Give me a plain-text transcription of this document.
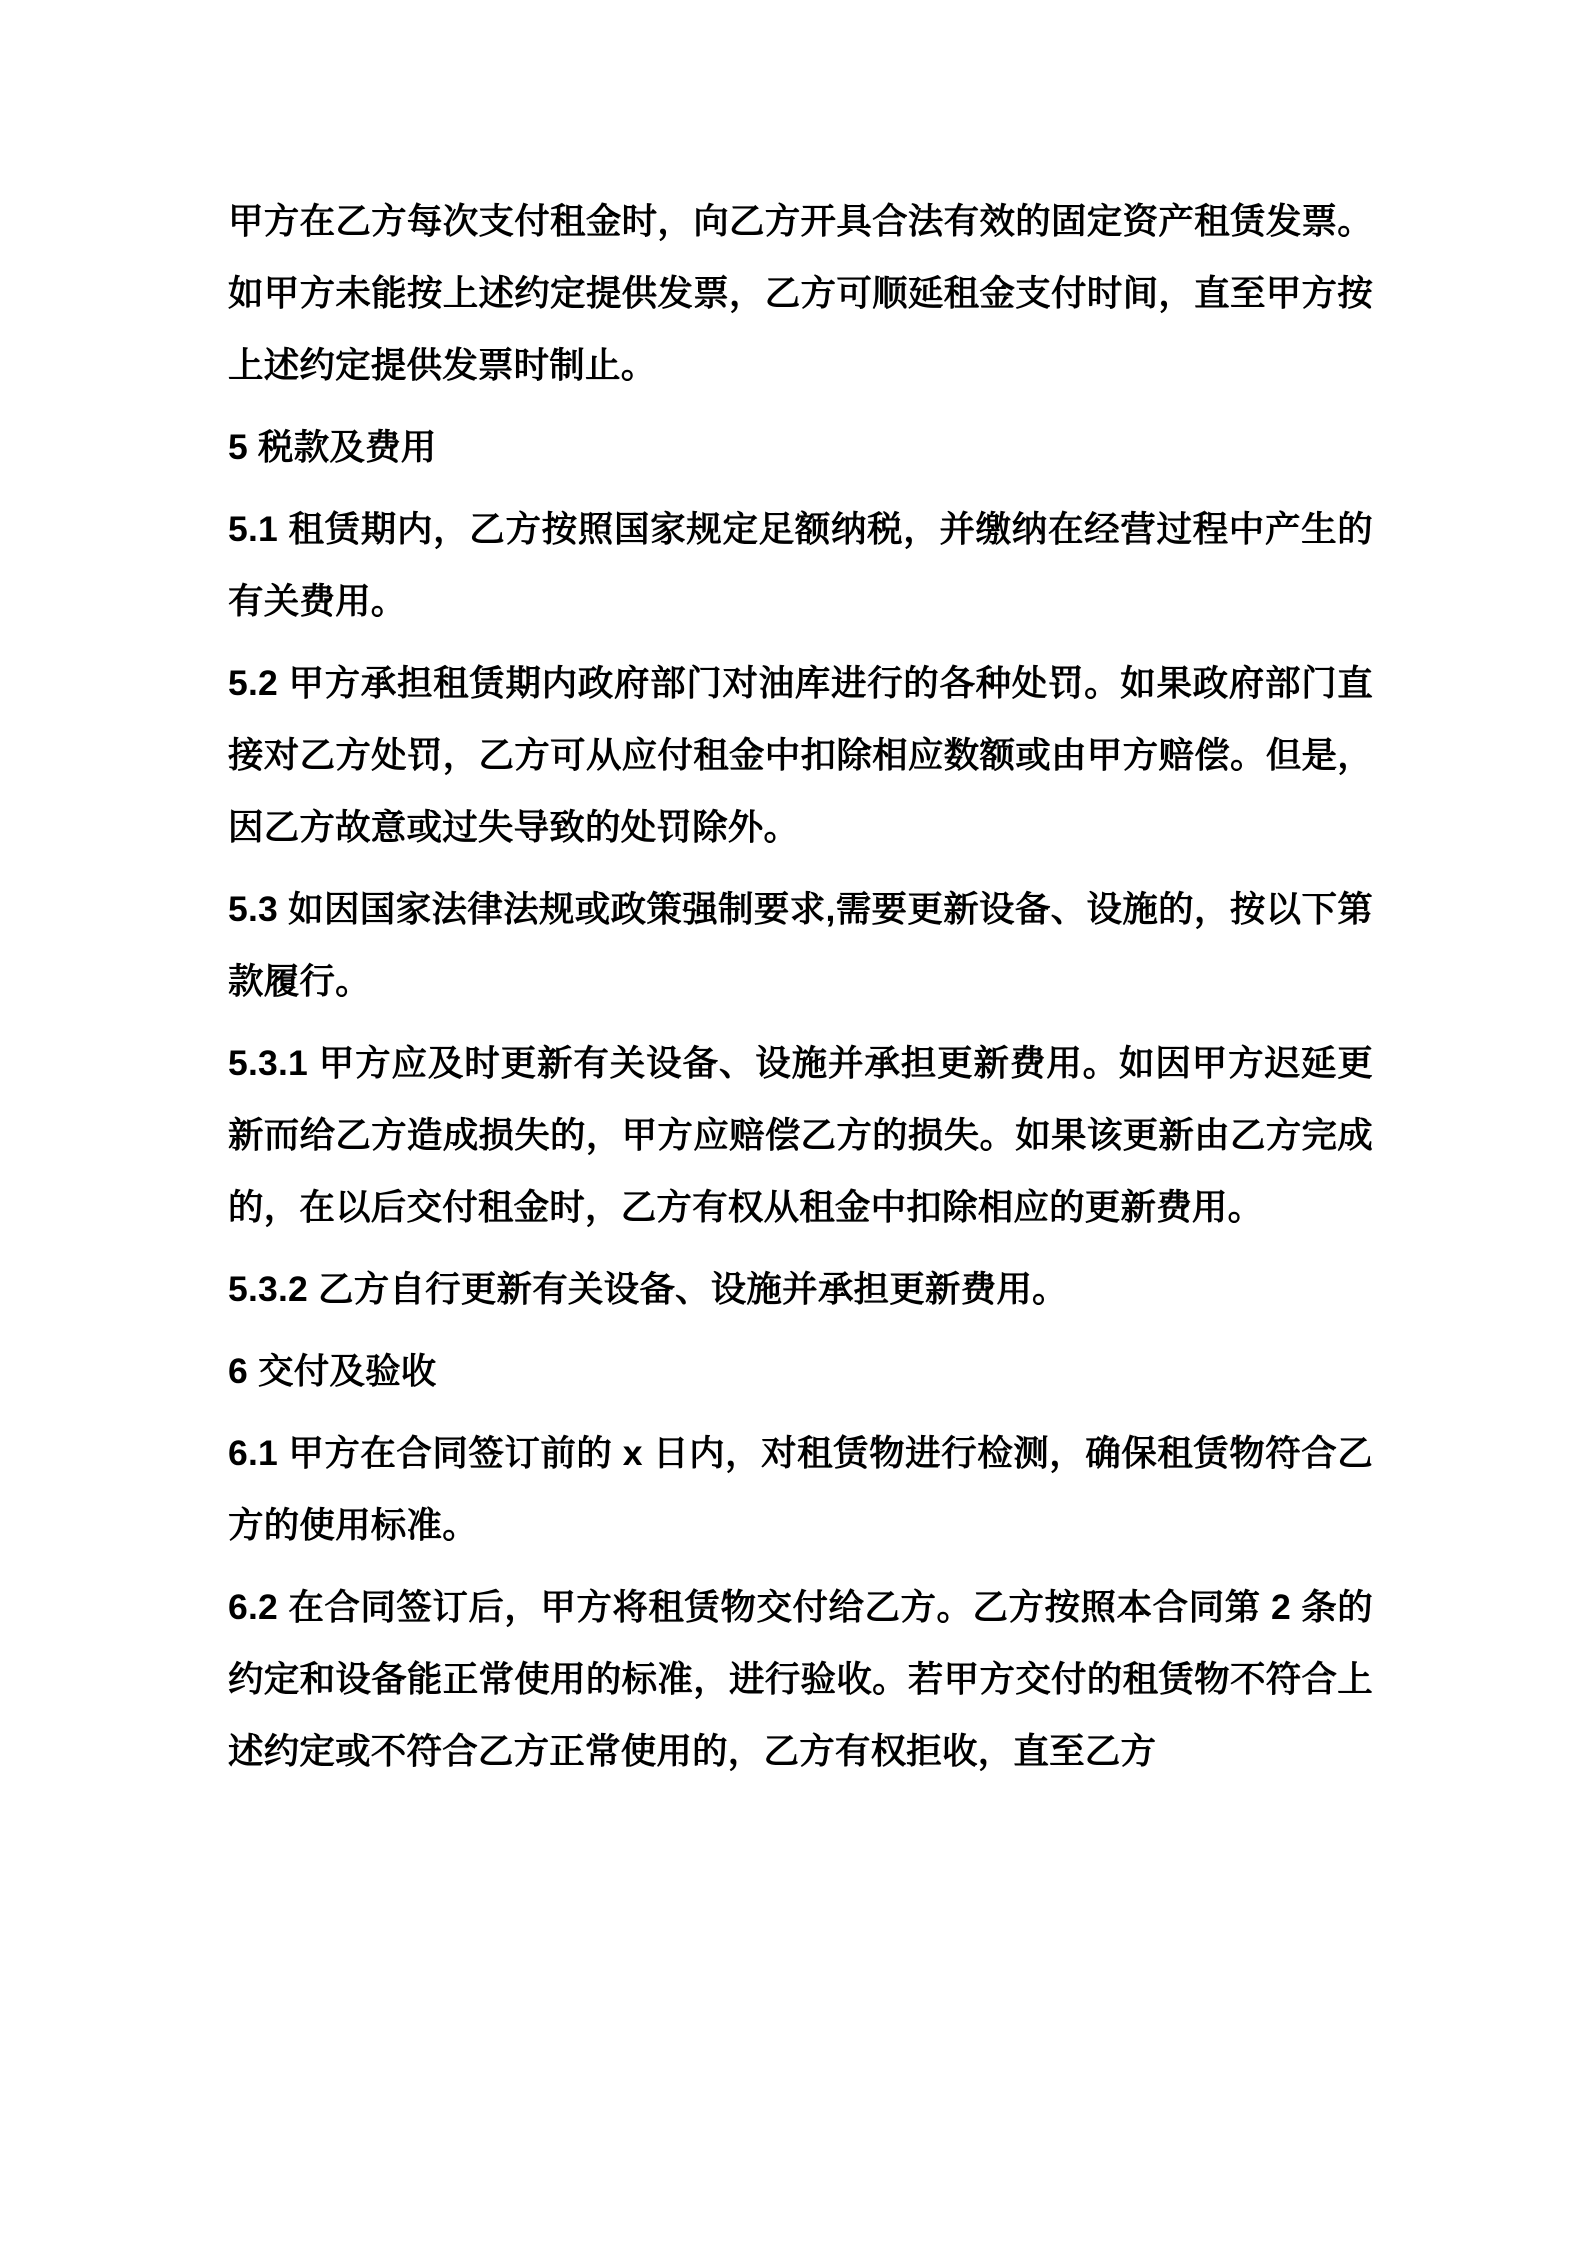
甲方在乙方每次支付租金时，向乙方开具合法有效的固定资产租赁发票。如甲方未能按上述约定提供发票，乙方可顺延租金支付时间，直至甲方按上述约定提供发票时制止。

5 税款及费用

5.1 租赁期内，乙方按照国家规定足额纳税，并缴纳在经营过程中产生的有关费用。

5.2 甲方承担租赁期内政府部门对油库进行的各种处罚。如果政府部门直接对乙方处罚，乙方可从应付租金中扣除相应数额或由甲方赔偿。但是，因乙方故意或过失导致的处罚除外。

5.3 如因国家法律法规或政策强制要求,需要更新设备、设施的，按以下第款履行。

5.3.1 甲方应及时更新有关设备、设施并承担更新费用。如因甲方迟延更新而给乙方造成损失的，甲方应赔偿乙方的损失。如果该更新由乙方完成的，在以后交付租金时，乙方有权从租金中扣除相应的更新费用。

5.3.2 乙方自行更新有关设备、设施并承担更新费用。

6 交付及验收

6.1 甲方在合同签订前的 x 日内，对租赁物进行检测，确保租赁物符合乙方的使用标准。

6.2 在合同签订后，甲方将租赁物交付给乙方。乙方按照本合同第 2 条的约定和设备能正常使用的标准，进行验收。若甲方交付的租赁物不符合上述约定或不符合乙方正常使用的，乙方有权拒收，直至乙方
